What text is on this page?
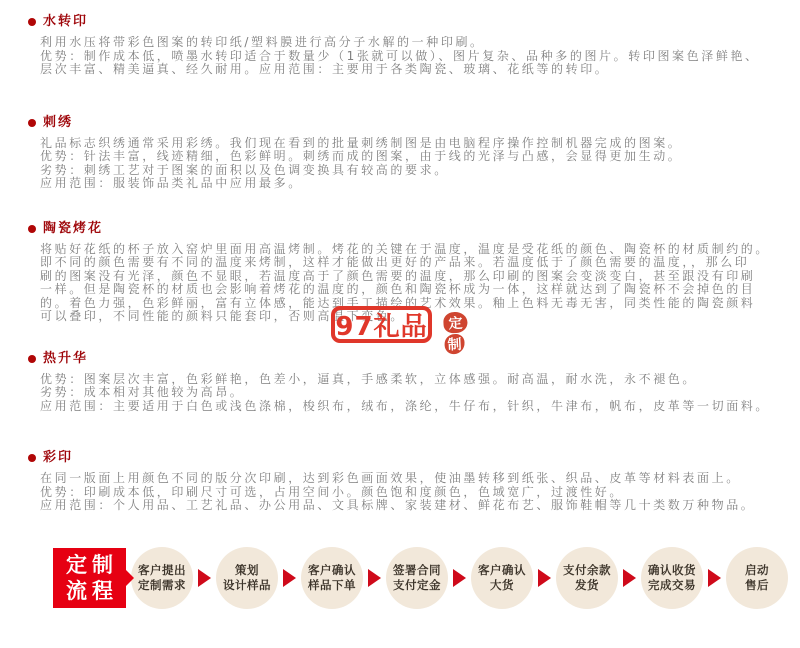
水转印
利用水压将带彩色图案的转印纸/塑料膜进行高分子水解的一种印刷。
优势：制作成本低，喷墨水转印适合于数量少（1张就可以做）、图片复杂、品种多的图片。转印图案色泽鲜艳、
层次丰富、精美逼真、经久耐用。应用范围：主要用于各类陶瓷、玻璃、花纸等的转印。
刺绣
礼品标志织绣通常采用彩绣。我们现在看到的批量刺绣制图是由电脑程序操作控制机器完成的图案。
优势：针法丰富，线迹精细，色彩鲜明。刺绣而成的图案，由于线的光泽与凸感，会显得更加生动。
劣势：刺绣工艺对于图案的面积以及色调变换具有较高的要求。
应用范围：服装饰品类礼品中应用最多。
陶瓷烤花
将贴好花纸的杯子放入窑炉里面用高温烤制。烤花的关键在于温度，温度是受花纸的颜色、陶瓷杯的材质制约的。
即不同的颜色需要有不同的温度来烤制，这样才能做出更好的产品来。若温度低于了颜色需要的温度，，那么印
刷的图案没有光泽，颜色不显眼，若温度高于了颜色需要的温度，那么印刷的图案会变淡变白，甚至跟没有印刷
一样。但是陶瓷杯的材质也会影响着烤花的温度的，颜色和陶瓷杯成为一体，这样就达到了陶瓷杯不会掉色的目
的。着色力强，色彩鲜丽，富有立体感，能达到手工描绘的艺术效果。釉上色料无毒无害，同类性能的陶瓷颜料
可以叠印，不同性能的颜料只能套印，否则高温下变色。
热升华
优势：图案层次丰富，色彩鲜艳，色差小，逼真，手感柔软，立体感强。耐高温，耐水洗，永不褪色。
劣势：成本相对其他较为高昂。
应用范围：主要适用于白色或浅色涤棉，梭织布，绒布，涤纶，牛仔布，针织，牛津布，帆布，皮革等一切面料。
彩印
在同一版面上用颜色不同的版分次印刷，达到彩色画面效果，使油墨转移到纸张、织品、皮革等材料表面上。
优势：印刷成本低，印刷尺寸可选，占用空间小。颜色饱和度颜色，色域宽广，过渡性好。
应用范围：个人用品、工艺礼品、办公用品、文具标牌、家装建材、鲜花布艺、服饰鞋帽等几十类数万种物品。
定制
流程
客户提出
定制需求
策划
设计样品
客户确认
样品下单
签署合同
支付定金
客户确认
大货
支付余款
发货
确认收货
完成交易
启动
售后
97礼品	定
制
